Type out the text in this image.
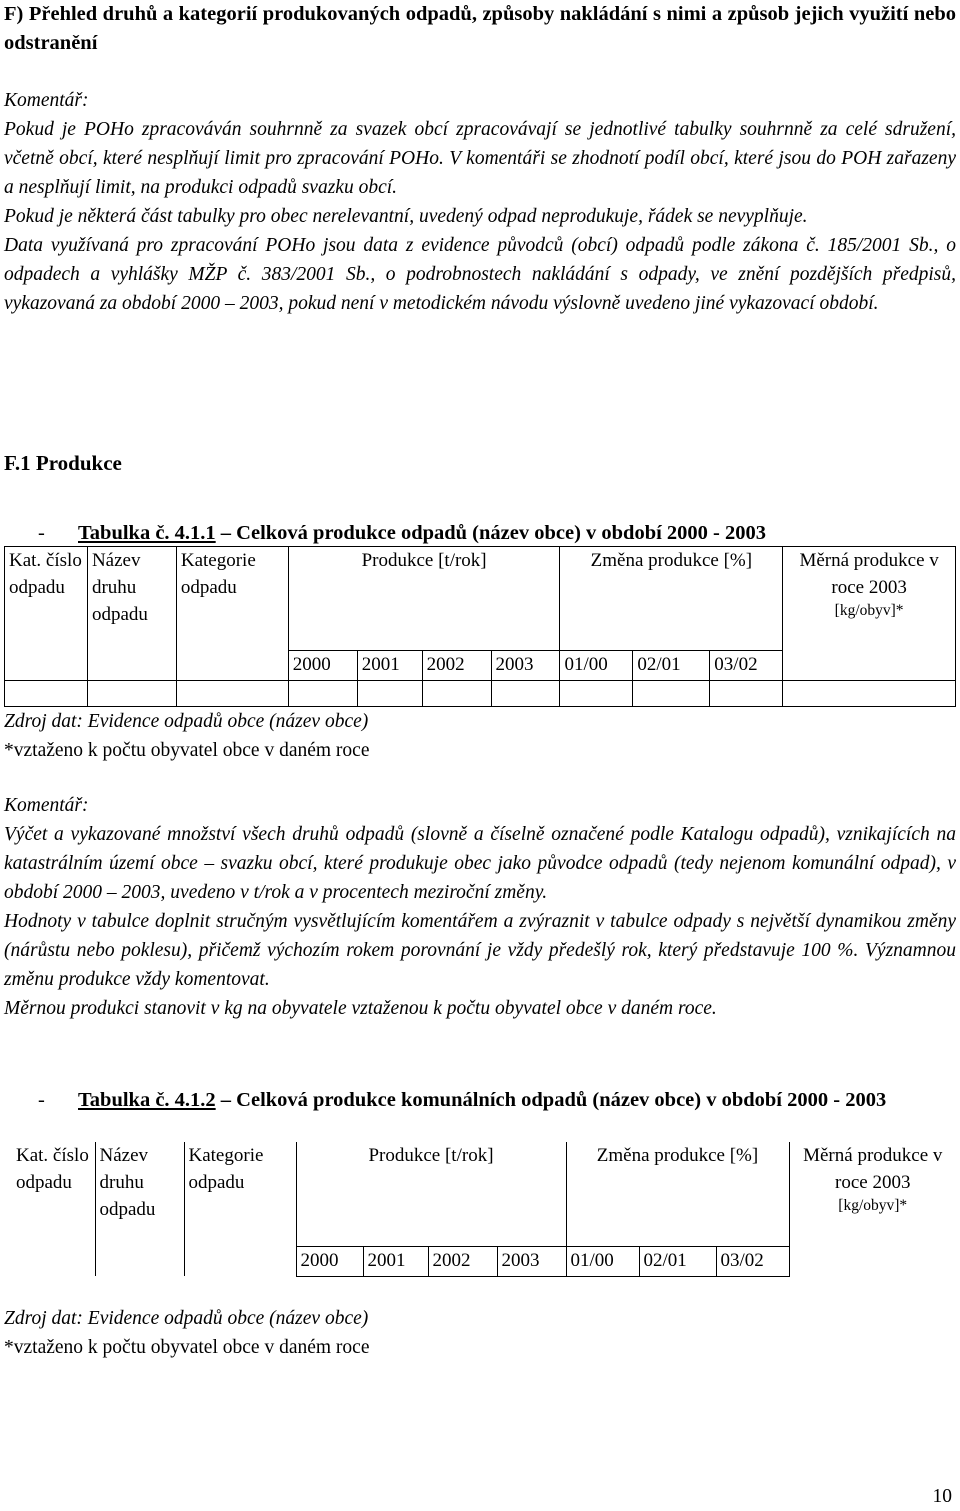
F) Přehled druhů a kategorií produkovaných odpadů, způsoby nakládání s nimi a způsob jejich využití nebo odstranění

Komentář:

Pokud je POHo zpracováván souhrnně za svazek obcí zpracovávají se jednotlivé tabulky souhrnně za celé sdružení, včetně obcí, které nesplňují limit pro zpracování POHo. V komentáři se zhodnotí podíl obcí, které jsou do POH zařazeny a nesplňují limit, na produkci odpadů svazku obcí.

Pokud je některá část tabulky pro obec nerelevantní, uvedený odpad neprodukuje, řádek se nevyplňuje.

Data využívaná pro zpracování POHo jsou data z evidence původců (obcí) odpadů podle zákona č. 185/2001 Sb., o odpadech a vyhlášky MŽP č. 383/2001 Sb., o podrobnostech nakládání s odpady, ve znění pozdějších předpisů, vykazovaná za období 2000 – 2003, pokud není v metodickém návodu výslovně uvedeno jiné vykazovací období.

F.1 Produkce
- Tabulka č. 4.1.1 – Celková produkce odpadů (název obce) v období 2000 - 2003
Kat. číslo odpadu	Název druhu odpadu	Kategorie odpadu	Produkce [t/rok]				Změna produkce [%]			Měrná produkce v roce 2003
[kg/obyv]*

			2000	2001	2002	2003	01/00	02/01	03/02	

Zdroj dat: Evidence odpadů obce (název obce)
*vztaženo k počtu obyvatel obce v daném roce

Komentář:

Výčet a vykazované množství všech druhů odpadů (slovně a číselně označené podle Katalogu odpadů), vznikajících na katastrálním území obce – svazku obcí, které produkuje obec jako původce odpadů (tedy nejenom komunální odpad), v období 2000 – 2003, uvedeno v t/rok a v procentech meziroční změny.

Hodnoty v tabulce doplnit stručným vysvětlujícím komentářem a zvýraznit v tabulce odpady s největší dynamikou změny (nárůstu nebo poklesu), přičemž výchozím rokem porovnání je vždy předešlý rok, který představuje 100 %. Významnou změnu produkce vždy komentovat.

Měrnou produkci stanovit v kg na obyvatele vztaženou k počtu obyvatel obce v daném roce.

- Tabulka č. 4.1.2 – Celková produkce komunálních odpadů (název obce) v období 2000 - 2003
Kat. číslo odpadu	Název druhu odpadu	Kategorie odpadu	Produkce [t/rok]				Změna produkce [%]			Měrná produkce v roce 2003
[kg/obyv]*

			2000	2001	2002	2003	01/00	02/01	03/02	
Zdroj dat: Evidence odpadů obce (název obce)
*vztaženo k počtu obyvatel obce v daném roce
10
